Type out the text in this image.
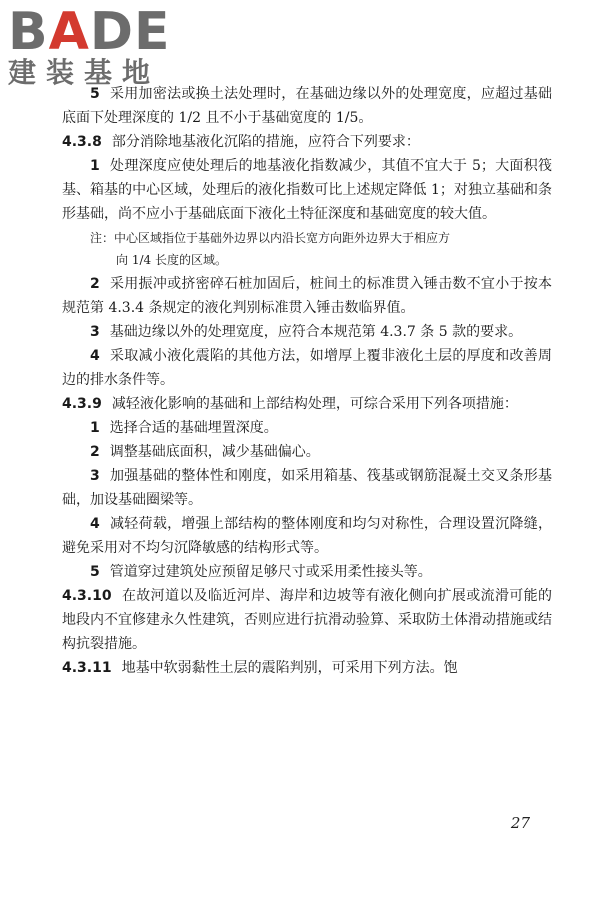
BADE
建装基地

5 采用加密法或换土法处理时，在基础边缘以外的处理宽度，应超过基础底面下处理深度的 1/2 且不小于基础宽度的 1/5。

4.3.8 部分消除地基液化沉陷的措施，应符合下列要求：

1 处理深度应使处理后的地基液化指数减少，其值不宜大于 5；大面积筏基、箱基的中心区域，处理后的液化指数可比上述规定降低 1；对独立基础和条形基础，尚不应小于基础底面下液化土特征深度和基础宽度的较大值。

注：中心区域指位于基础外边界以内沿长宽方向距外边界大于相应方

向 1/4 长度的区域。

2 采用振冲或挤密碎石桩加固后，桩间土的标准贯入锤击数不宜小于按本规范第 4.3.4 条规定的液化判别标准贯入锤击数临界值。

3 基础边缘以外的处理宽度，应符合本规范第 4.3.7 条 5 款的要求。

4 采取减小液化震陷的其他方法，如增厚上覆非液化土层的厚度和改善周边的排水条件等。

4.3.9 减轻液化影响的基础和上部结构处理，可综合采用下列各项措施：

1 选择合适的基础埋置深度。

2 调整基础底面积，减少基础偏心。

3 加强基础的整体性和刚度，如采用箱基、筏基或钢筋混凝土交叉条形基础，加设基础圈梁等。

4 减轻荷载，增强上部结构的整体刚度和均匀对称性，合理设置沉降缝，避免采用对不均匀沉降敏感的结构形式等。

5 管道穿过建筑处应预留足够尺寸或采用柔性接头等。

4.3.10 在故河道以及临近河岸、海岸和边坡等有液化侧向扩展或流滑可能的地段内不宜修建永久性建筑，否则应进行抗滑动验算、采取防土体滑动措施或结构抗裂措施。

4.3.11 地基中软弱黏性土层的震陷判别，可采用下列方法。饱

27
